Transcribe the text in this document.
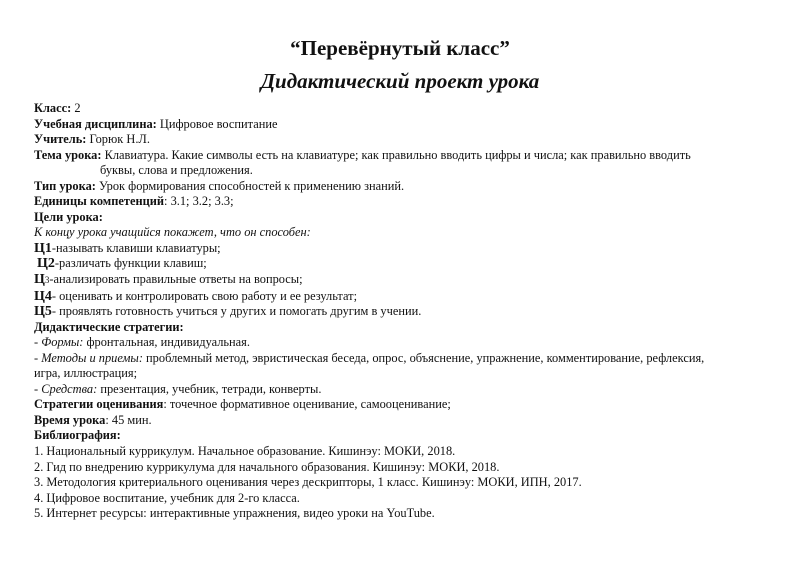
“Перевёрнутый класс”
Дидактический проект урока
Класс: 2
Учебная дисциплина: Цифровое воспитание
Учитель: Горюк Н.Л.
Тема урока: Клавиатура. Какие символы есть на клавиатуре; как правильно вводить цифры и числа; как правильно вводить
буквы, слова и предложения.
Тип урока: Урок формирования способностей к применению знаний.
Единицы компетенций: 3.1; 3.2; 3.3;
Цели урока:
К концу урока учащийся покажет, что он способен:
Ц1-называть клавиши клавиатуры;
Ц2-различать функции клавиш;
Ц3-анализировать правильные ответы на вопросы;
Ц4- оценивать и контролировать свою работу и ее результат;
Ц5- проявлять готовность учиться у других и помогать другим в учении.
Дидактические стратегии:
- Формы: фронтальная, индивидуальная.
- Методы и приемы: проблемный метод, эвристическая беседа, опрос, объяснение, упражнение, комментирование, рефлексия,
игра, иллюстрация;
- Средства: презентация, учебник, тетради, конверты.
Стратегии оценивания: точечное формативное оценивание, самооценивание;
Время урока: 45 мин.
Библиография:
1. Национальный куррикулум. Начальное образование. Кишинэу: МОКИ, 2018.
2. Гид по внедрению куррикулума для начального образования. Кишинэу: МОКИ, 2018.
3. Методология критериального оценивания через дескрипторы, 1 класс. Кишинэу: МОКИ, ИПН, 2017.
4. Цифровое воспитание, учебник для 2-го класса.
5. Интернет ресурсы: интерактивные упражнения, видео уроки на YouTube.
